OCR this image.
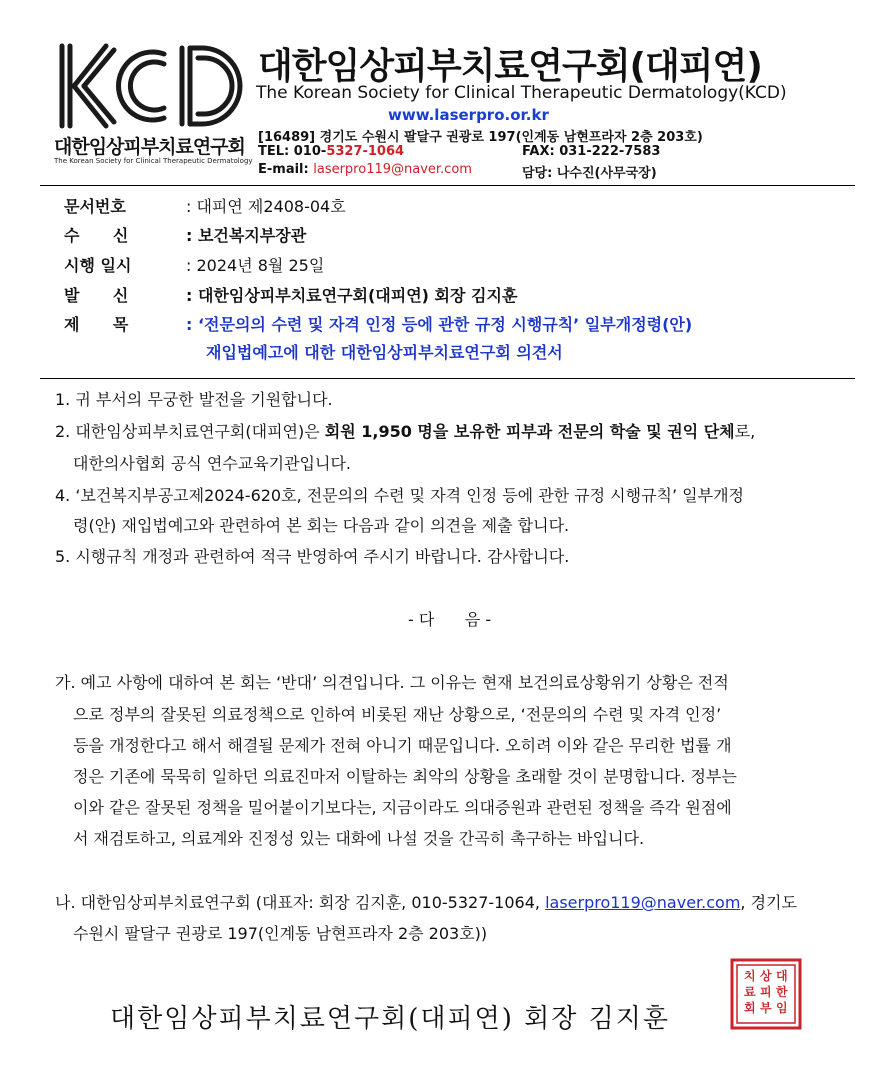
대한임상피부치료연구회
The Korean Society for Clinical Therapeutic Dermatology
대한임상피부치료연구회(대피연)
The Korean Society for Clinical Therapeutic Dermatology(KCD)
www.laserpro.or.kr
[16489] 경기도 수원시 팔달구 권광로 197(인계동 남현프라자 2층 203호)
TEL: 010-5327-1064	FAX: 031-222-7583
E-mail: laserpro119@naver.com	담당: 나수진(사무국장)
문서번호	: 대피연 제2408-04호
수      신	: 보건복지부장관
시행 일시	: 2024년 8월 25일
발      신	: 대한임상피부치료연구회(대피연) 회장 김지훈
제      목	: ‘전문의의 수련 및 자격 인정 등에 관한 규정 시행규칙’ 일부개정령(안)
재입법예고에 대한 대한임상피부치료연구회 의견서
1. 귀 부서의 무궁한 발전을 기원합니다.
2. 대한임상피부치료연구회(대피연)은 회원 1,950 명을 보유한 피부과 전문의 학술 및 권익 단체로,
대한의사협회 공식 연수교육기관입니다.
4. ‘보건복지부공고제2024-620호, 전문의의 수련 및 자격 인정 등에 관한 규정 시행규칙’ 일부개정
령(안) 재입법예고와 관련하여 본 회는 다음과 같이 의견을 제출 합니다.
5. 시행규칙 개정과 관련하여 적극 반영하여 주시기 바랍니다. 감사합니다.
- 다      음 -
가. 예고 사항에 대하여 본 회는 ‘반대’ 의견입니다. 그 이유는 현재 보건의료상황위기 상황은 전적
으로 정부의 잘못된 의료정책으로 인하여 비롯된 재난 상황으로, ‘전문의의 수련 및 자격 인정’
등을 개정한다고 해서 해결될 문제가 전혀 아니기 때문입니다. 오히려 이와 같은 무리한 법률 개
정은 기존에 묵묵히 일하던 의료진마저 이탈하는 최악의 상황을 초래할 것이 분명합니다. 정부는
이와 같은 잘못된 정책을 밀어붙이기보다는, 지금이라도 의대증원과 관련된 정책을 즉각 원점에
서 재검토하고, 의료계와 진정성 있는 대화에 나설 것을 간곡히 촉구하는 바입니다.
나. 대한임상피부치료연구회 (대표자: 회장 김지훈, 010-5327-1064, laserpro119@naver.com, 경기도
수원시 팔달구 권광로 197(인계동 남현프라자 2층 203호))
대한임상피부치료연구회(대피연) 회장 김지훈
대
한
임
상
피
부
치
료
회
